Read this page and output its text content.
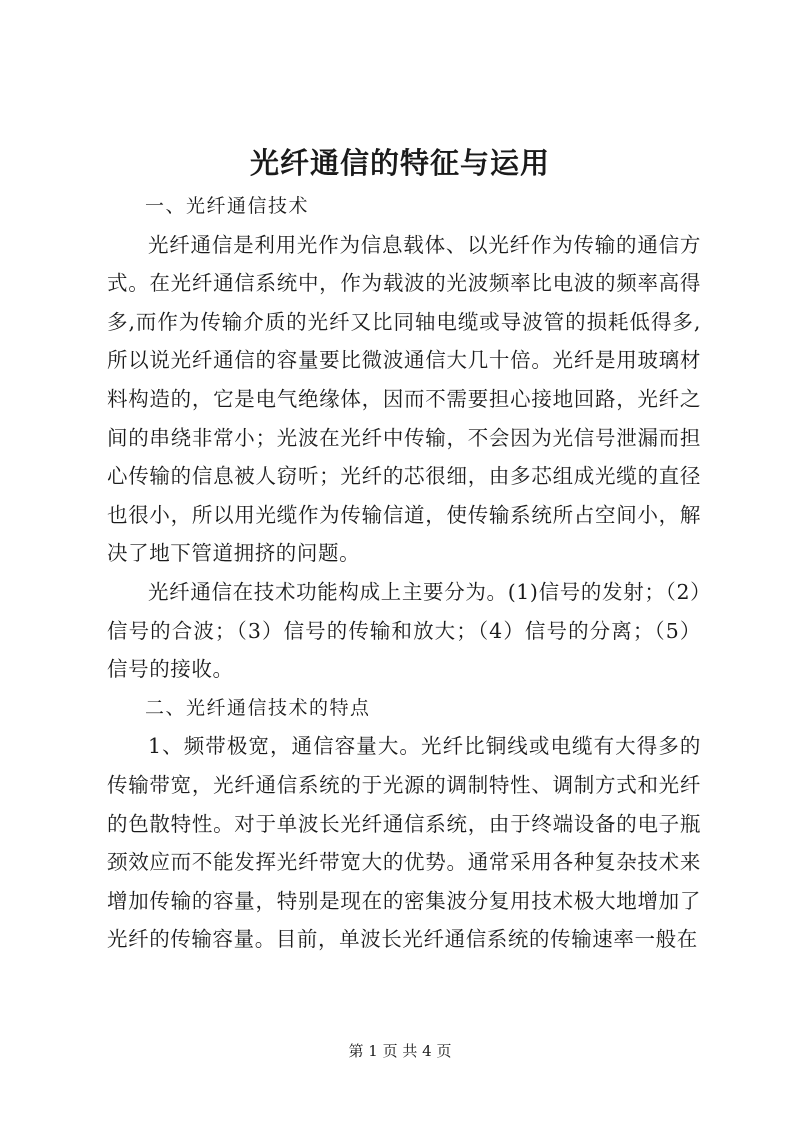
光纤通信的特征与运用

一、光纤通信技术

光纤通信是利用光作为信息载体、以光纤作为传输的通信方式。在光纤通信系统中，作为载波的光波频率比电波的频率高得多,而作为传输介质的光纤又比同轴电缆或导波管的损耗低得多,所以说光纤通信的容量要比微波通信大几十倍。光纤是用玻璃材料构造的，它是电气绝缘体，因而不需要担心接地回路，光纤之间的串绕非常小；光波在光纤中传输，不会因为光信号泄漏而担心传输的信息被人窃听；光纤的芯很细，由多芯组成光缆的直径也很小，所以用光缆作为传输信道，使传输系统所占空间小，解决了地下管道拥挤的问题。

光纤通信在技术功能构成上主要分为。(1)信号的发射；（2）信号的合波；（3）信号的传输和放大；（4）信号的分离；（5）信号的接收。

二、光纤通信技术的特点

1、频带极宽，通信容量大。光纤比铜线或电缆有大得多的传输带宽，光纤通信系统的于光源的调制特性、调制方式和光纤的色散特性。对于单波长光纤通信系统，由于终端设备的电子瓶颈效应而不能发挥光纤带宽大的优势。通常采用各种复杂技术来增加传输的容量，特别是现在的密集波分复用技术极大地增加了光纤的传输容量。目前，单波长光纤通信系统的传输速率一般在

第 1 页 共 4 页
